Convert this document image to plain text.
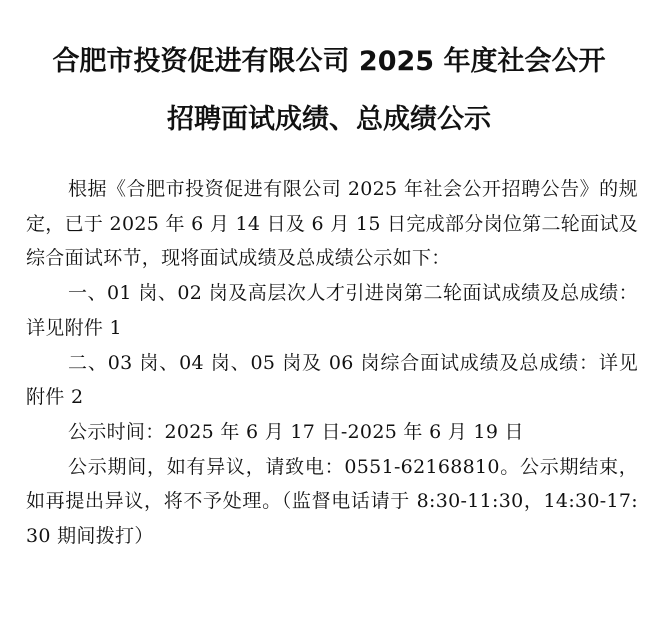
合肥市投资促进有限公司 2025 年度社会公开
招聘面试成绩、总成绩公示

根据《合肥市投资促进有限公司 2025 年社会公开招聘公告》的规定，已于 2025 年 6 月 14 日及 6 月 15 日完成部分岗位第二轮面试及综合面试环节，现将面试成绩及总成绩公示如下：

一、01 岗、02 岗及高层次人才引进岗第二轮面试成绩及总成绩：详见附件 1

二、03 岗、04 岗、05 岗及 06 岗综合面试成绩及总成绩：详见附件 2

公示时间：2025 年 6 月 17 日-2025 年 6 月 19 日

公示期间，如有异议，请致电：0551-62168810。公示期结束，如再提出异议，将不予处理。（监督电话请于 8:30-11:30，14:30-17:30 期间拨打）
